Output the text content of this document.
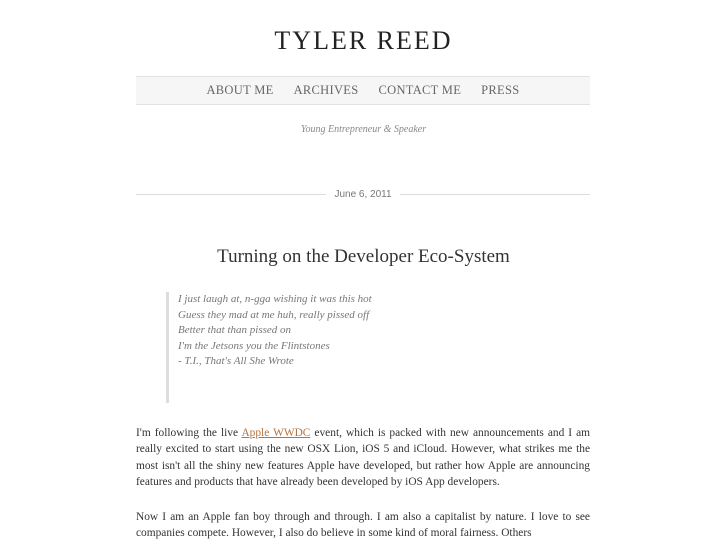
TYLER REED
ABOUT ME ARCHIVES CONTACT ME PRESS
Young Entrepreneur & Speaker
June 6, 2011
Turning on the Developer Eco-System
I just laugh at, n-gga wishing it was this hot
Guess they mad at me huh, really pissed off
Better that than pissed on
I'm the Jetsons you the Flintstones
- T.I., That's All She Wrote

I'm following the live Apple WWDC event, which is packed with new announcements and I am really excited to start using the new OSX Lion, iOS 5 and iCloud. However, what strikes me the most isn't all the shiny new features Apple have developed, but rather how Apple are announcing features and products that have already been developed by iOS App developers.

Now I am an Apple fan boy through and through. I am also a capitalist by nature. I love to see companies compete. However, I also do believe in some kind of moral fairness. Others
